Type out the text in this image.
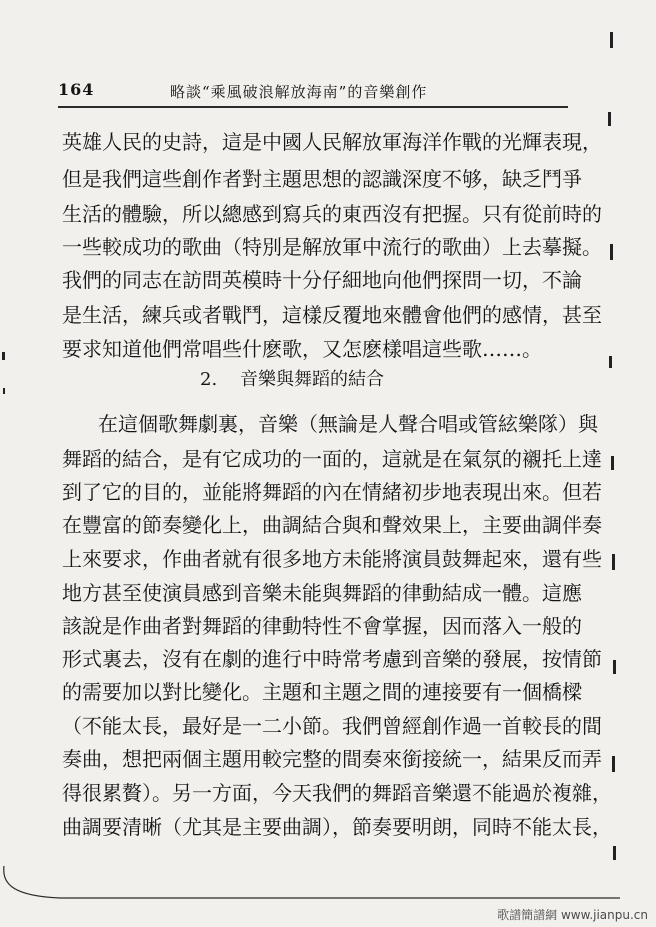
164	略談“乘風破浪解放海南”的音樂創作
英雄人民的史詩，這是中國人民解放軍海洋作戰的光輝表現，
但是我們這些創作者對主題思想的認識深度不够，缺乏鬥爭
生活的體驗，所以總感到寫兵的東西沒有把握。只有從前時的
一些較成功的歌曲（特別是解放軍中流行的歌曲）上去摹擬。
我們的同志在訪問英模時十分仔細地向他們探問一切，不論
是生活，練兵或者戰鬥，這樣反覆地來體會他們的感情，甚至
要求知道他們常唱些什麽歌，又怎麽樣唱這些歌……。
2. 音樂與舞蹈的結合
在這個歌舞劇裏，音樂（無論是人聲合唱或管絃樂隊）與
舞蹈的結合，是有它成功的一面的，這就是在氣氛的襯托上達
到了它的目的，並能將舞蹈的內在情緒初步地表現出來。但若
在豐富的節奏變化上，曲調結合與和聲效果上，主要曲調伴奏
上來要求，作曲者就有很多地方未能將演員鼓舞起來，還有些
地方甚至使演員感到音樂未能與舞蹈的律動結成一體。這應
該說是作曲者對舞蹈的律動特性不會掌握，因而落入一般的
形式裏去，沒有在劇的進行中時常考慮到音樂的發展，按情節
的需要加以對比變化。主題和主題之間的連接要有一個橋樑
（不能太長，最好是一二小節。我們曾經創作過一首較長的間
奏曲，想把兩個主題用較完整的間奏來銜接統一，結果反而弄
得很累贅）。另一方面，今天我們的舞蹈音樂還不能過於複雜，
曲調要清晰（尤其是主要曲調），節奏要明朗，同時不能太長，
歌譜簡譜網 www.jianpu.cn
